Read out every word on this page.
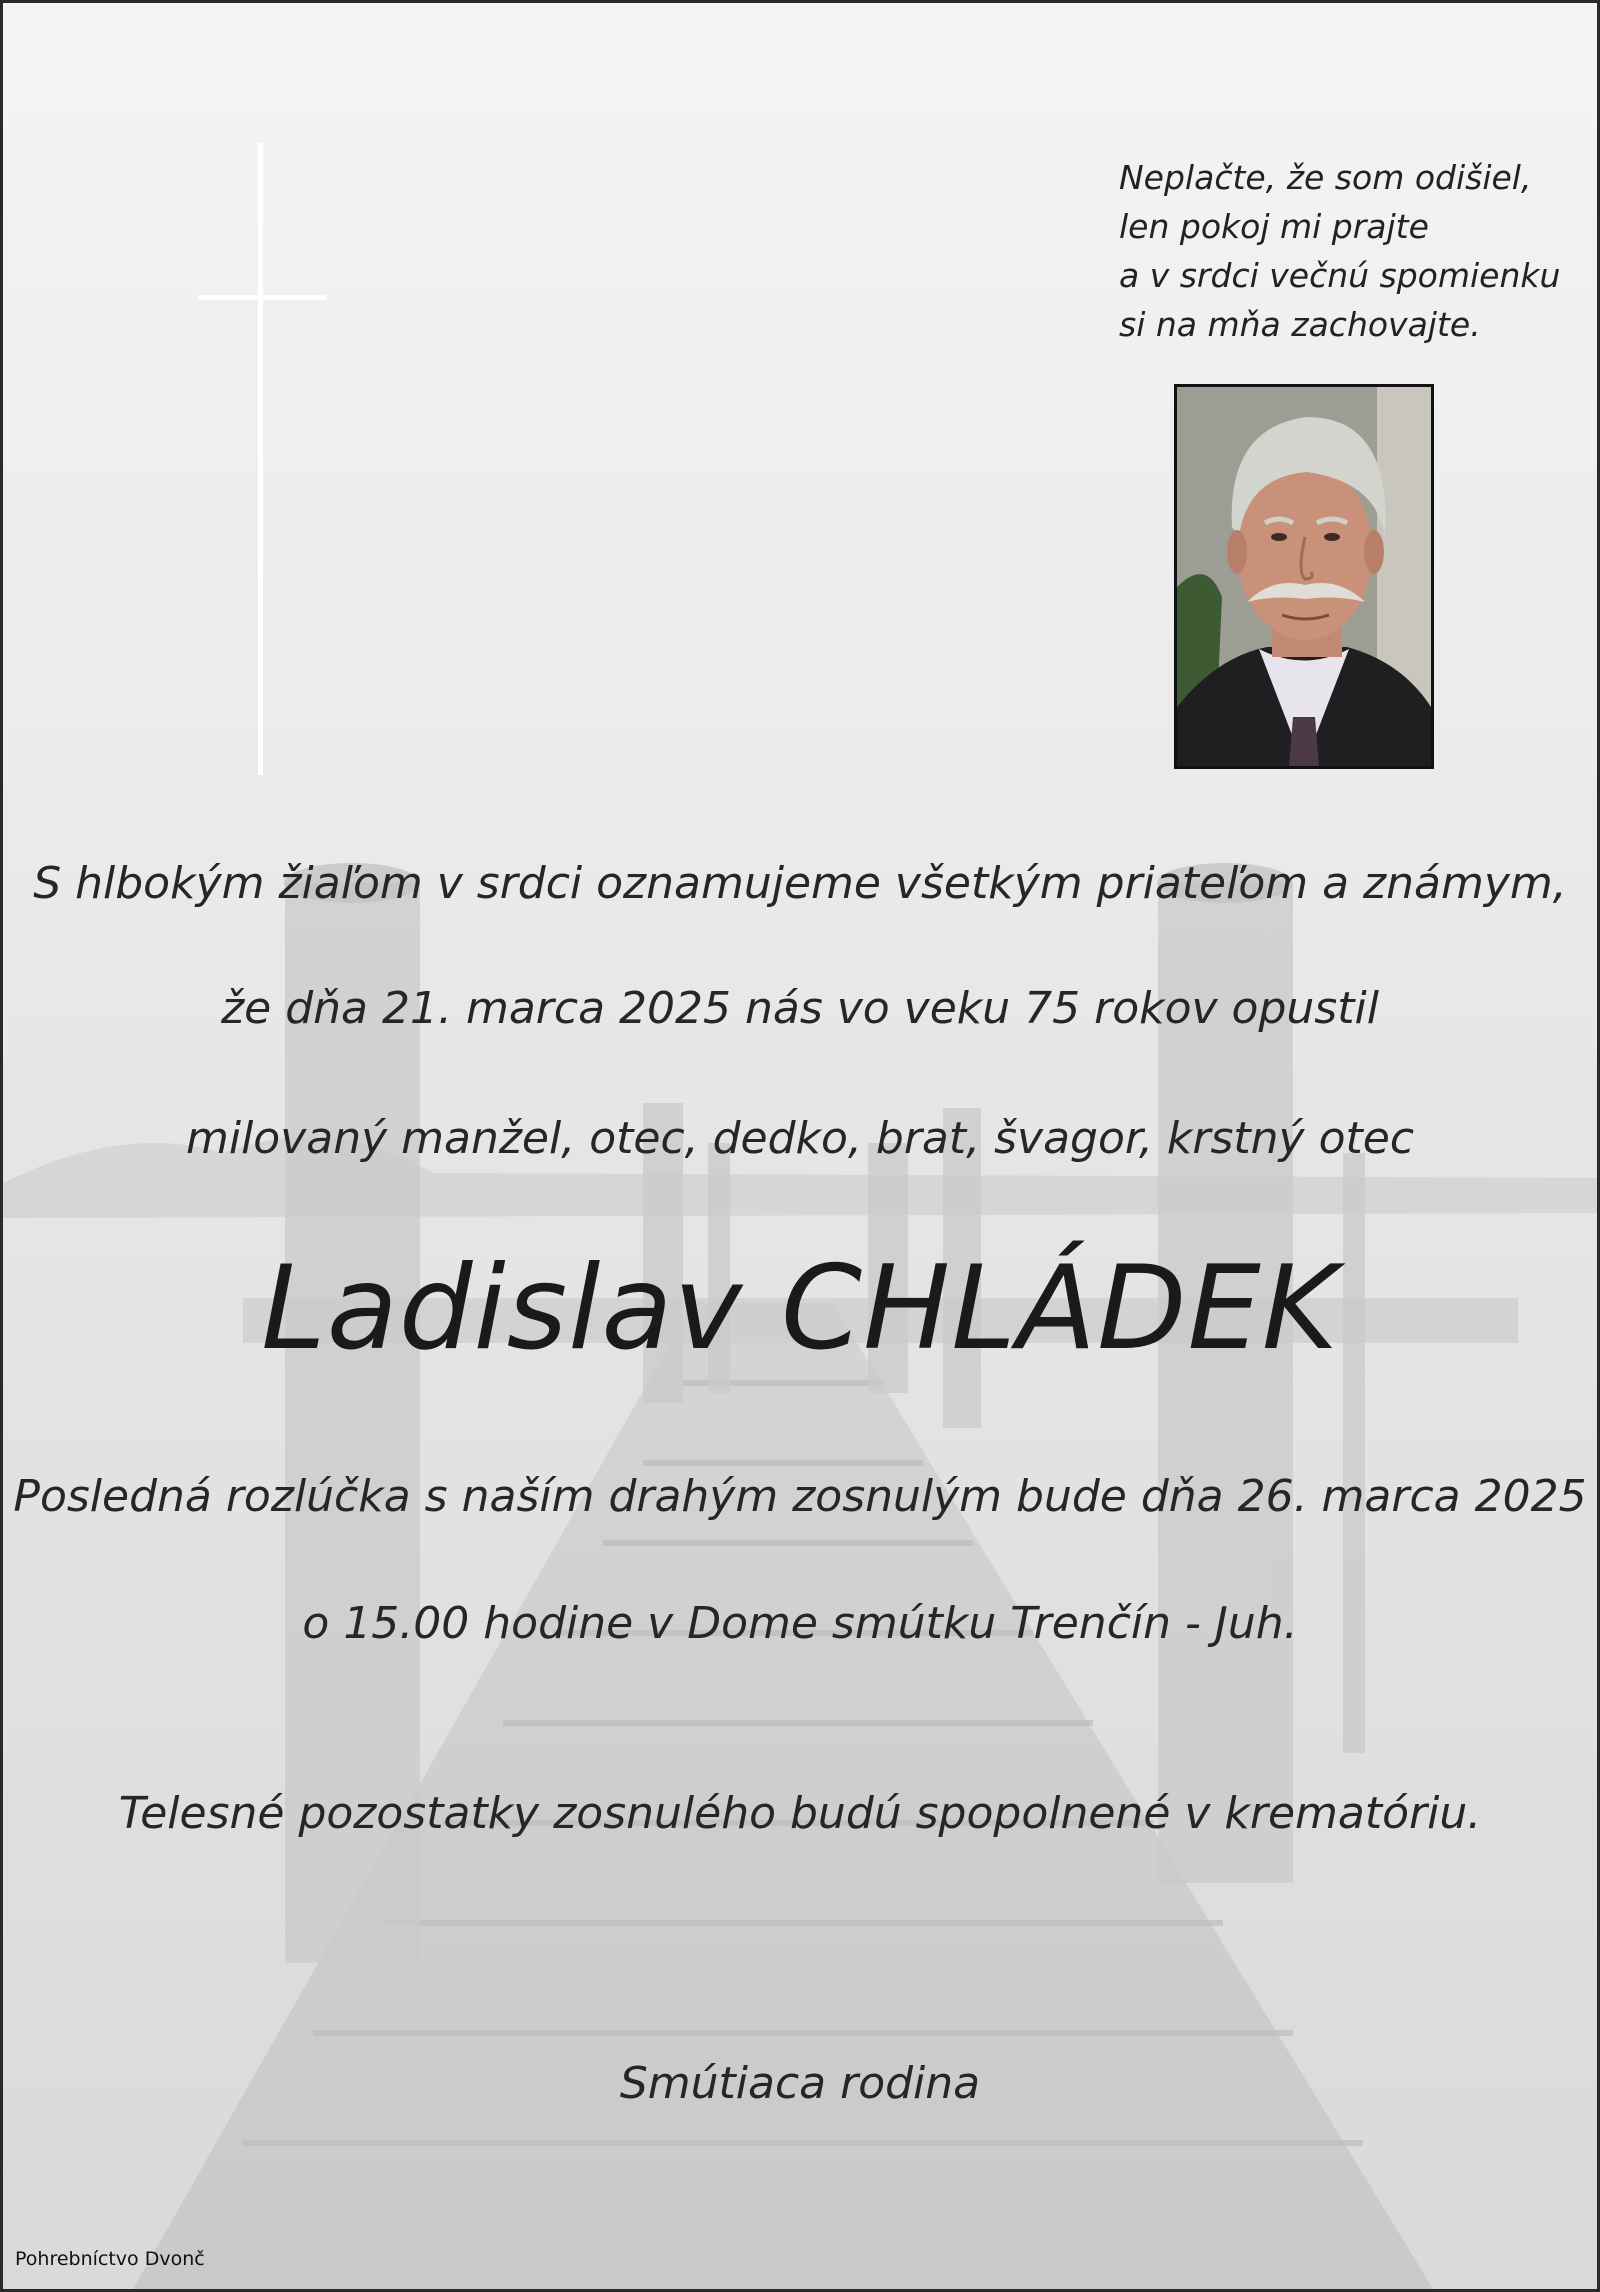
Neplačte, že som odišiel,
len pokoj mi prajte
a v srdci večnú spomienku
si na mňa zachovajte.
S hlbokým žiaľom v srdci oznamujeme všetkým priateľom a známym,
že dňa 21. marca 2025 nás vo veku 75 rokov opustil
milovaný manžel, otec, dedko, brat, švagor, krstný otec
Ladislav CHLÁDEK
Posledná rozlúčka s naším drahým zosnulým bude dňa 26. marca 2025
o 15.00 hodine v Dome smútku Trenčín - Juh.
Telesné pozostatky zosnulého budú spopolnené v krematóriu.
Smútiaca rodina
Pohrebníctvo Dvonč
